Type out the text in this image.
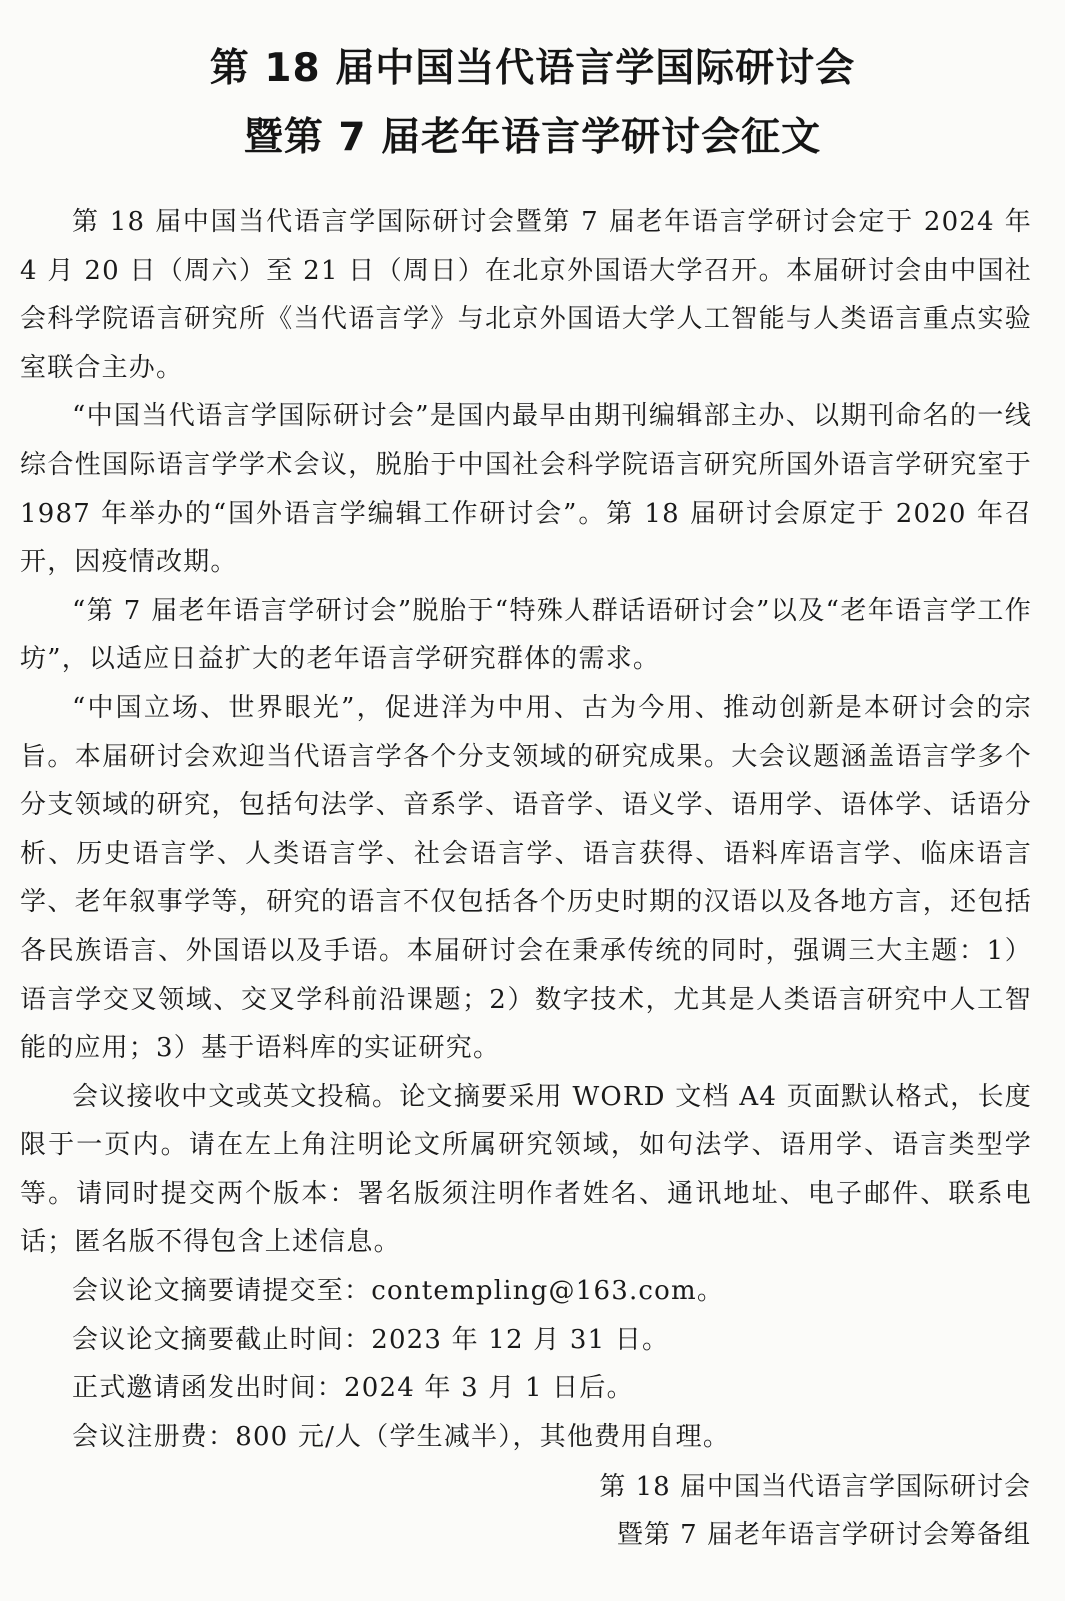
第 18 届中国当代语言学国际研讨会
暨第 7 届老年语言学研讨会征文

第 18 届中国当代语言学国际研讨会暨第 7 届老年语言学研讨会定于 2024 年 4 月 20 日（周六）至 21 日（周日）在北京外国语大学召开。本届研讨会由中国社会科学院语言研究所《当代语言学》与北京外国语大学人工智能与人类语言重点实验室联合主办。

“中国当代语言学国际研讨会”是国内最早由期刊编辑部主办、以期刊命名的一线综合性国际语言学学术会议，脱胎于中国社会科学院语言研究所国外语言学研究室于 1987 年举办的“国外语言学编辑工作研讨会”。第 18 届研讨会原定于 2020 年召开，因疫情改期。

“第 7 届老年语言学研讨会”脱胎于“特殊人群话语研讨会”以及“老年语言学工作坊”，以适应日益扩大的老年语言学研究群体的需求。

“中国立场、世界眼光”，促进洋为中用、古为今用、推动创新是本研讨会的宗旨。本届研讨会欢迎当代语言学各个分支领域的研究成果。大会议题涵盖语言学多个分支领域的研究，包括句法学、音系学、语音学、语义学、语用学、语体学、话语分析、历史语言学、人类语言学、社会语言学、语言获得、语料库语言学、临床语言学、老年叙事学等，研究的语言不仅包括各个历史时期的汉语以及各地方言，还包括各民族语言、外国语以及手语。本届研讨会在秉承传统的同时，强调三大主题：1）语言学交叉领域、交叉学科前沿课题；2）数字技术，尤其是人类语言研究中人工智能的应用；3）基于语料库的实证研究。

会议接收中文或英文投稿。论文摘要采用 WORD 文档 A4 页面默认格式，长度限于一页内。请在左上角注明论文所属研究领域，如句法学、语用学、语言类型学等。请同时提交两个版本：署名版须注明作者姓名、通讯地址、电子邮件、联系电话；匿名版不得包含上述信息。

会议论文摘要请提交至：contempling@163.com。

会议论文摘要截止时间：2023 年 12 月 31 日。

正式邀请函发出时间：2024 年 3 月 1 日后。

会议注册费：800 元/人（学生减半），其他费用自理。

第 18 届中国当代语言学国际研讨会
暨第 7 届老年语言学研讨会筹备组
